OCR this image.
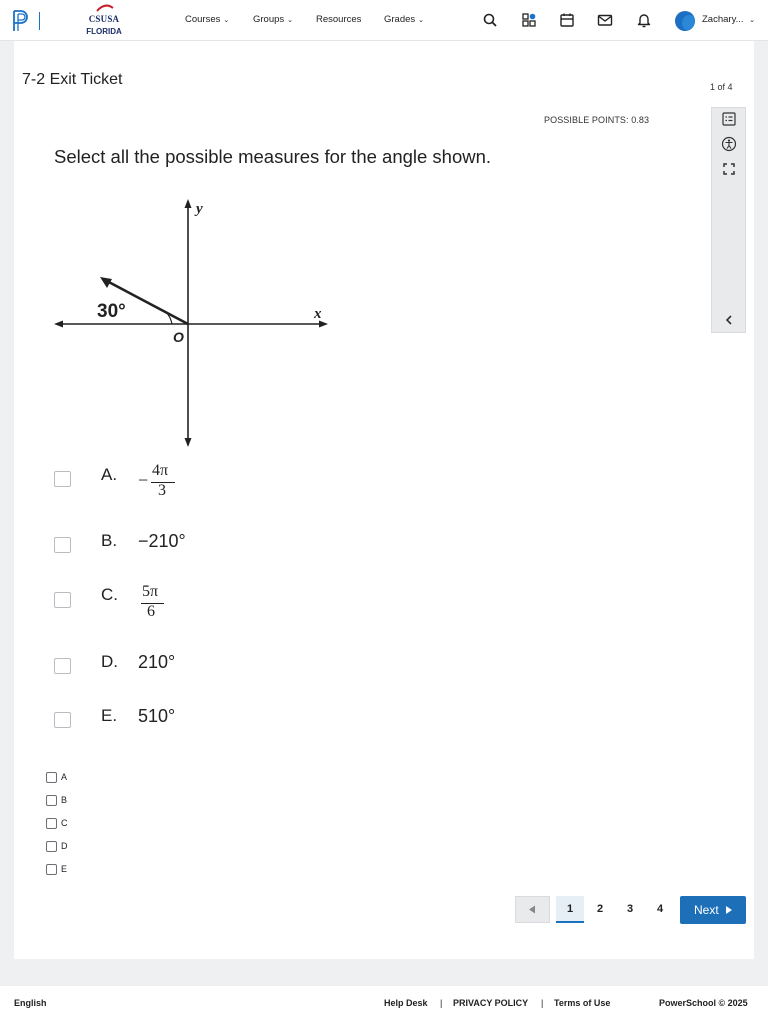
CSUSA
FLORIDA
Courses ⌄	Groups ⌄ Resources Grades ⌄	Zachary... ⌄
7-2 Exit Ticket	1 of 4
POSSIBLE POINTS: 0.83
Select all the possible measures for the angle shown.
y
x
O
30°
A. − 4π
3
B. −210°
C. 5π
6
D. 210°
E. 510°
A
B
C
D
E
1	2	3	4	Next
English	Help Desk | PRIVACY POLICY | Terms of Use	PowerSchool © 2025
